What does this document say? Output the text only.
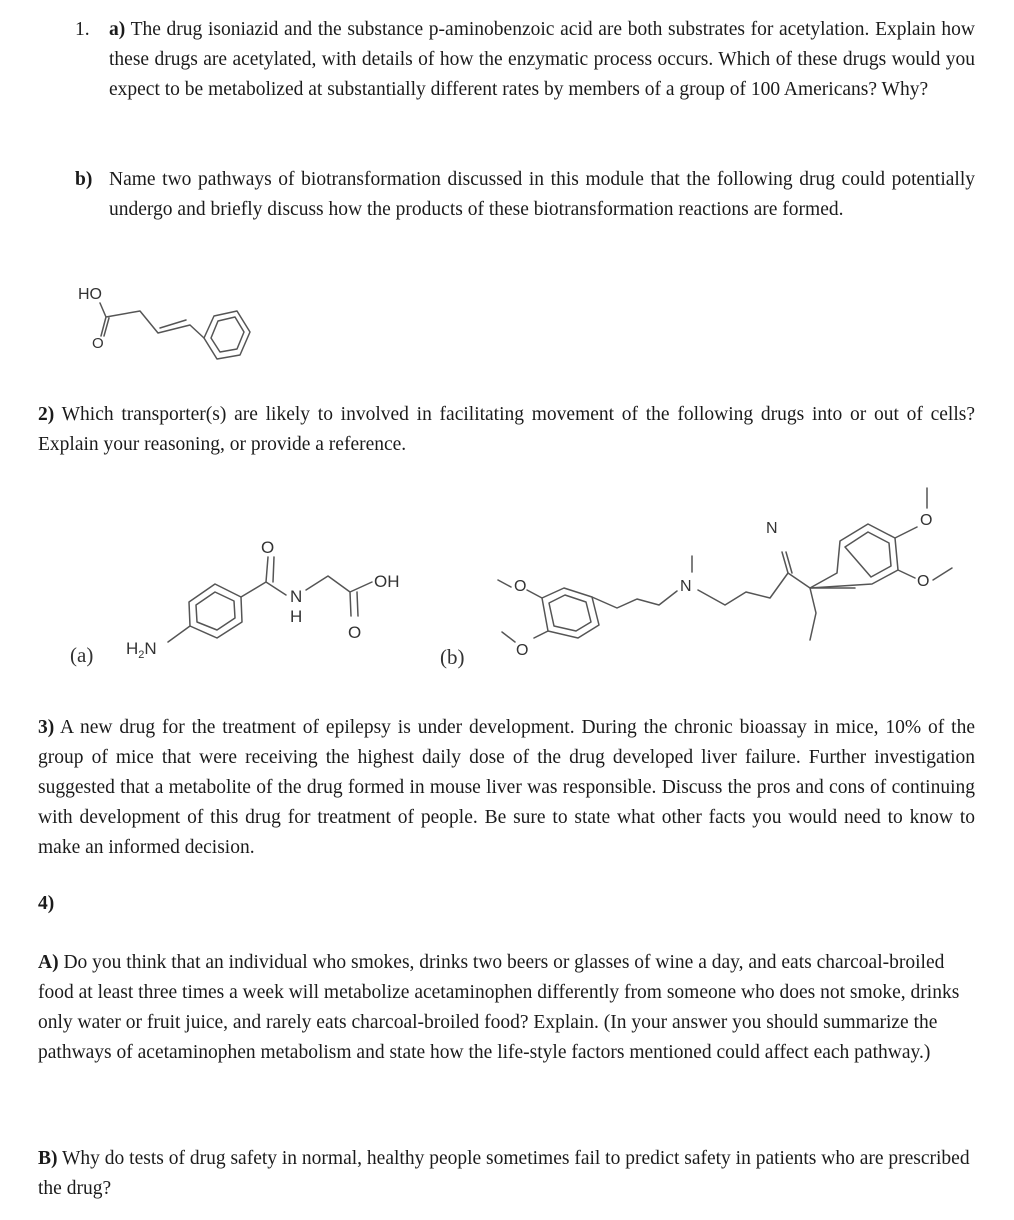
1. a) The drug isoniazid and the substance p-aminobenzoic acid are both substrates for acetylation. Explain how these drugs are acetylated, with details of how the enzymatic process occurs. Which of these drugs would you expect to be metabolized at substantially different rates by members of a group of 100 Americans? Why?
b) Name two pathways of biotransformation discussed in this module that the following drug could potentially undergo and briefly discuss how the products of these biotransformation reactions are formed.
HO
O
2) Which transporter(s) are likely to involved in facilitating movement of the following drugs into or out of cells? Explain your reasoning, or provide a reference.
(a) $H_2N$
O
N
H
OH
O
(b)
O
O
N
N	O
O
3) A new drug for the treatment of epilepsy is under development. During the chronic bioassay in mice, 10% of the group of mice that were receiving the highest daily dose of the drug developed liver failure. Further investigation suggested that a metabolite of the drug formed in mouse liver was responsible. Discuss the pros and cons of continuing with development of this drug for treatment of people. Be sure to state what other facts you would need to know to make an informed decision.
4)
A) Do you think that an individual who smokes, drinks two beers or glasses of wine a day, and eats charcoal-broiled food at least three times a week will metabolize acetaminophen differently from someone who does not smoke, drinks only water or fruit juice, and rarely eats charcoal-broiled food? Explain. (In your answer you should summarize the pathways of acetaminophen metabolism and state how the life-style factors mentioned could affect each pathway.)
B) Why do tests of drug safety in normal, healthy people sometimes fail to predict safety in patients who are prescribed the drug?
